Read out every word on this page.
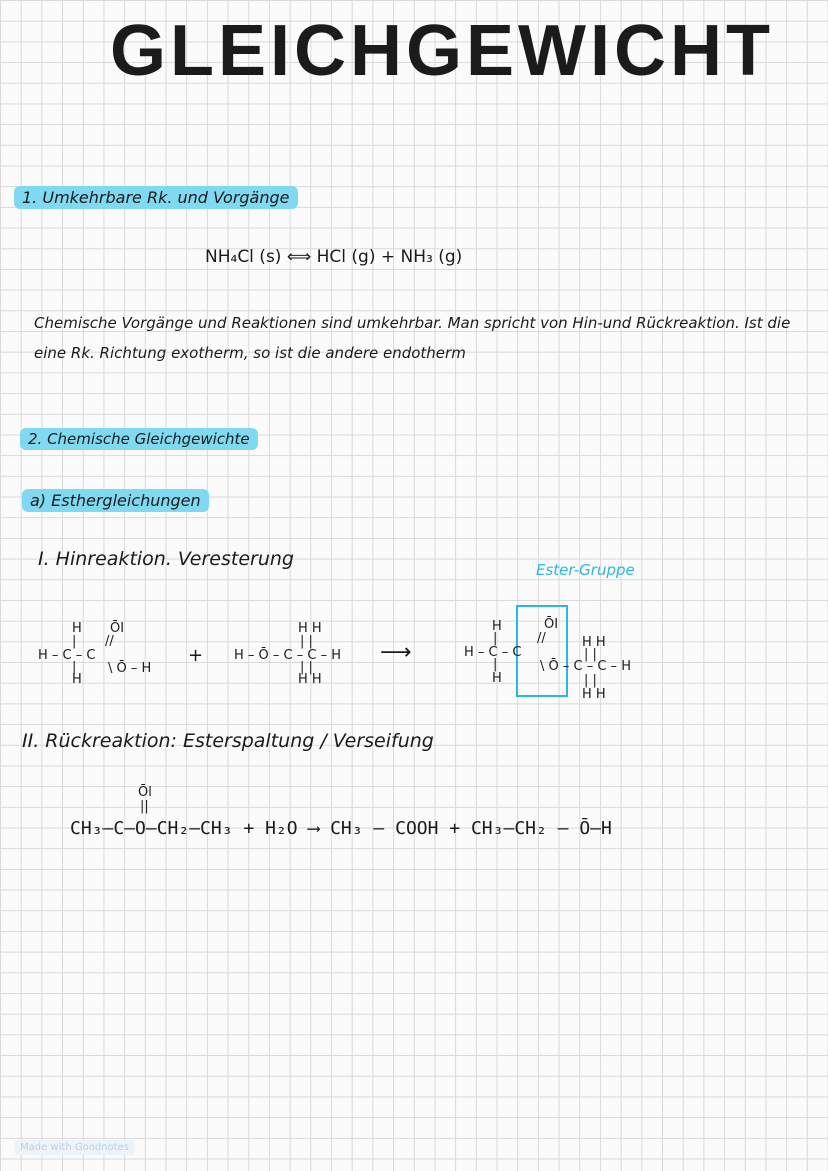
GLEICHGEWICHT
1. Umkehrbare Rk. und Vorgänge
NH₄Cl (s) ⟺ HCl (g) + NH₃ (g)
Chemische Vorgänge und Reaktionen sind umkehrbar. Man spricht von Hin-und Rückreaktion. Ist die eine Rk. Richtung exotherm, so ist die andere endotherm
2. Chemische Gleichgewichte
a) Esthergleichungen
I. Hinreaktion. Veresterung	Ester-Gruppe
H
|
H – C – C
|
H
ŌI
//
\ Ō – H
+
H H
| |
H – Ō – C – C – H
| |
H H
⟶
H
|
H – C – C
|
H
ŌI
//
\ Ō – C – C – H
H H
| |
| |
H H
II. Rückreaktion: Esterspaltung / Verseifung
Ōl
||
CH₃–C–O–CH₂–CH₃ + H₂O ⟶ CH₃ – COOH + CH₃–CH₂ – Ō–H
Made with Goodnotes
